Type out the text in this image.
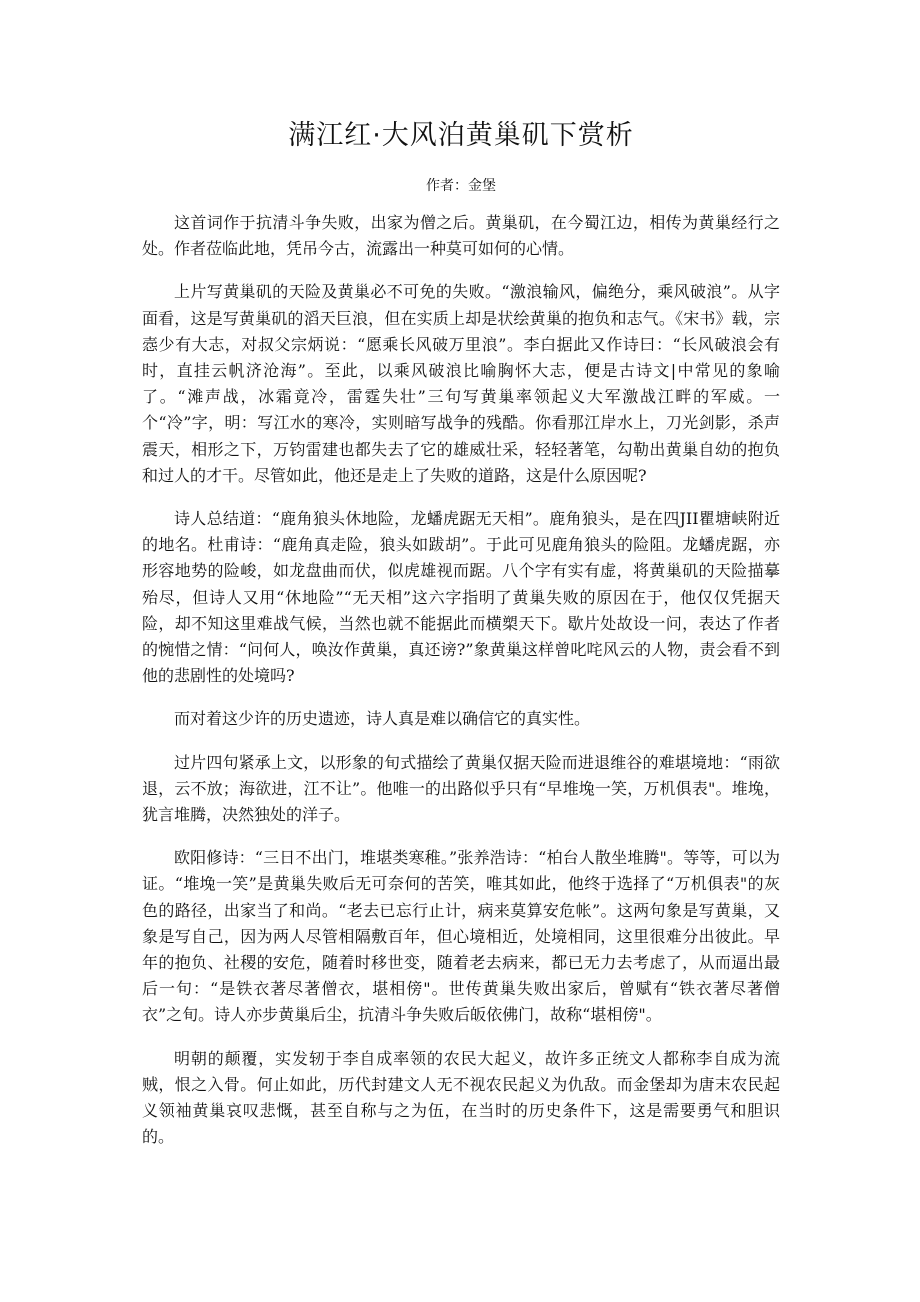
满江红·大风泊黄巢矶下赏析
作者：金堡

这首词作于抗清斗争失败，出家为僧之后。黄巢矶，在今蜀江边，相传为黄巢经行之处。作者莅临此地，凭吊今古，流露出一种莫可如何的心情。

上片写黄巢矶的天险及黄巢必不可免的失败。“激浪输风，偏绝分，乘风破浪”。从字面看，这是写黄巢矶的滔天巨浪，但在实质上却是状绘黄巢的抱负和志气。《宋书》载，宗悫少有大志，对叔父宗炳说：“愿乘长风破万里浪”。李白据此又作诗曰：“长风破浪会有时，直挂云帆济沧海”。至此，以乘风破浪比喻胸怀大志，便是古诗文|中常见的象喻了。“滩声战，冰霜竟冷，雷霆失壮”三句写黄巢率领起义大军激战江畔的军威。一个“冷”字，明：写江水的寒冷，实则暗写战争的残酷。你看那江岸水上，刀光剑影，杀声震天，相形之下，万钧雷建也都失去了它的雄威壮采，轻轻著笔，勾勒出黄巢自幼的抱负和过人的才干。尽管如此，他还是走上了失败的道路，这是什么原因呢?

诗人总结道：“鹿角狼头休地险，龙蟠虎踞无天相”。鹿角狼头，是在四JII瞿塘峡附近的地名。杜甫诗：“鹿角真走险，狼头如跋胡”。于此可见鹿角狼头的险阻。龙蟠虎踞，亦形容地势的险峻，如龙盘曲而伏，似虎雄视而踞。八个字有实有虚，将黄巢矶的天险描摹殆尽，但诗人又用“休地险”“无天相”这六字指明了黄巢失败的原因在于，他仅仅凭据天险，却不知这里难战气候，当然也就不能据此而横槊天下。歇片处故设一问，表达了作者的惋惜之情：“问何人，唤汝作黄巢，真还谤?”象黄巢这样曾叱咤风云的人物，责会看不到他的悲剧性的处境吗?

而对着这少许的历史遗迹，诗人真是难以确信它的真实性。

过片四句紧承上文，以形象的旬式描绘了黄巢仅据天险而进退维谷的难堪境地：“雨欲退，云不放；海欲进，江不让”。他唯一的出路似乎只有“早堆堍一笑，万机俱表"。堆堍，犹言堆腾，决然独处的洋子。

欧阳修诗：“三日不出门，堆堪类寒稚。”张养浩诗：“柏台人散坐堆腾"。等等，可以为证。“堆堍一笑”是黄巢失败后无可奈何的苦笑，唯其如此，他终于选择了“万机俱表"的灰色的路径，出家当了和尚。“老去已忘行止计，病来莫算安危帐”。这两句象是写黄巢，又象是写自己，因为两人尽管相隔敷百年，但心境相近，处境相同，这里很难分出彼此。早年的抱负、社稷的安危，随着时移世变，随着老去病来，都已无力去考虑了，从而逼出最后一句：“是铁衣著尽著僧衣，堪相傍"。世传黄巢失败出家后，曾赋有“铁衣著尽著僧衣”之旬。诗人亦步黄巢后尘，抗清斗争失败后皈依佛门，故称“堪相傍"。

明朝的颠覆，实发轫于李自成率领的农民大起义，故许多正统文人都称李自成为流贼，恨之入骨。何止如此，历代封建文人无不视农民起义为仇敌。而金堡却为唐末农民起义领袖黄巢哀叹悲慨，甚至自称与之为伍，在当时的历史条件下，这是需要勇气和胆识的。
